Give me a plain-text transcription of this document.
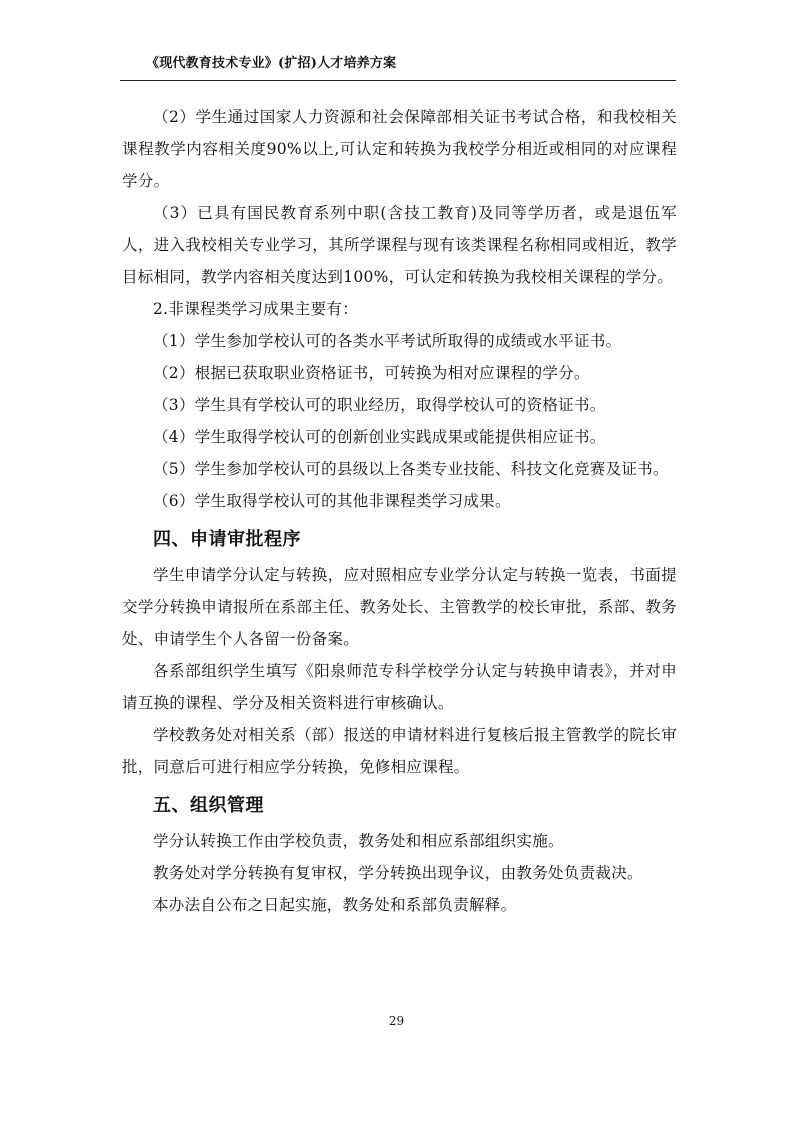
《现代教育技术专业》(扩招)人才培养方案

（2）学生通过国家人力资源和社会保障部相关证书考试合格，和我校相关课程教学内容相关度90%以上,可认定和转换为我校学分相近或相同的对应课程学分。

（3）已具有国民教育系列中职(含技工教育)及同等学历者，或是退伍军人，进入我校相关专业学习，其所学课程与现有该类课程名称相同或相近，教学目标相同，教学内容相关度达到100%，可认定和转换为我校相关课程的学分。

2.非课程类学习成果主要有：

（1）学生参加学校认可的各类水平考试所取得的成绩或水平证书。

（2）根据已获取职业资格证书，可转换为相对应课程的学分。

（3）学生具有学校认可的职业经历，取得学校认可的资格证书。

（4）学生取得学校认可的创新创业实践成果或能提供相应证书。

（5）学生参加学校认可的县级以上各类专业技能、科技文化竞赛及证书。

（6）学生取得学校认可的其他非课程类学习成果。

四、申请审批程序

学生申请学分认定与转换，应对照相应专业学分认定与转换一览表，书面提交学分转换申请报所在系部主任、教务处长、主管教学的校长审批，系部、教务处、申请学生个人各留一份备案。

各系部组织学生填写《阳泉师范专科学校学分认定与转换申请表》，并对申请互换的课程、学分及相关资料进行审核确认。

学校教务处对相关系（部）报送的申请材料进行复核后报主管教学的院长审批，同意后可进行相应学分转换，免修相应课程。

五、组织管理

学分认转换工作由学校负责，教务处和相应系部组织实施。

教务处对学分转换有复审权，学分转换出现争议，由教务处负责裁决。

本办法自公布之日起实施，教务处和系部负责解释。

29
